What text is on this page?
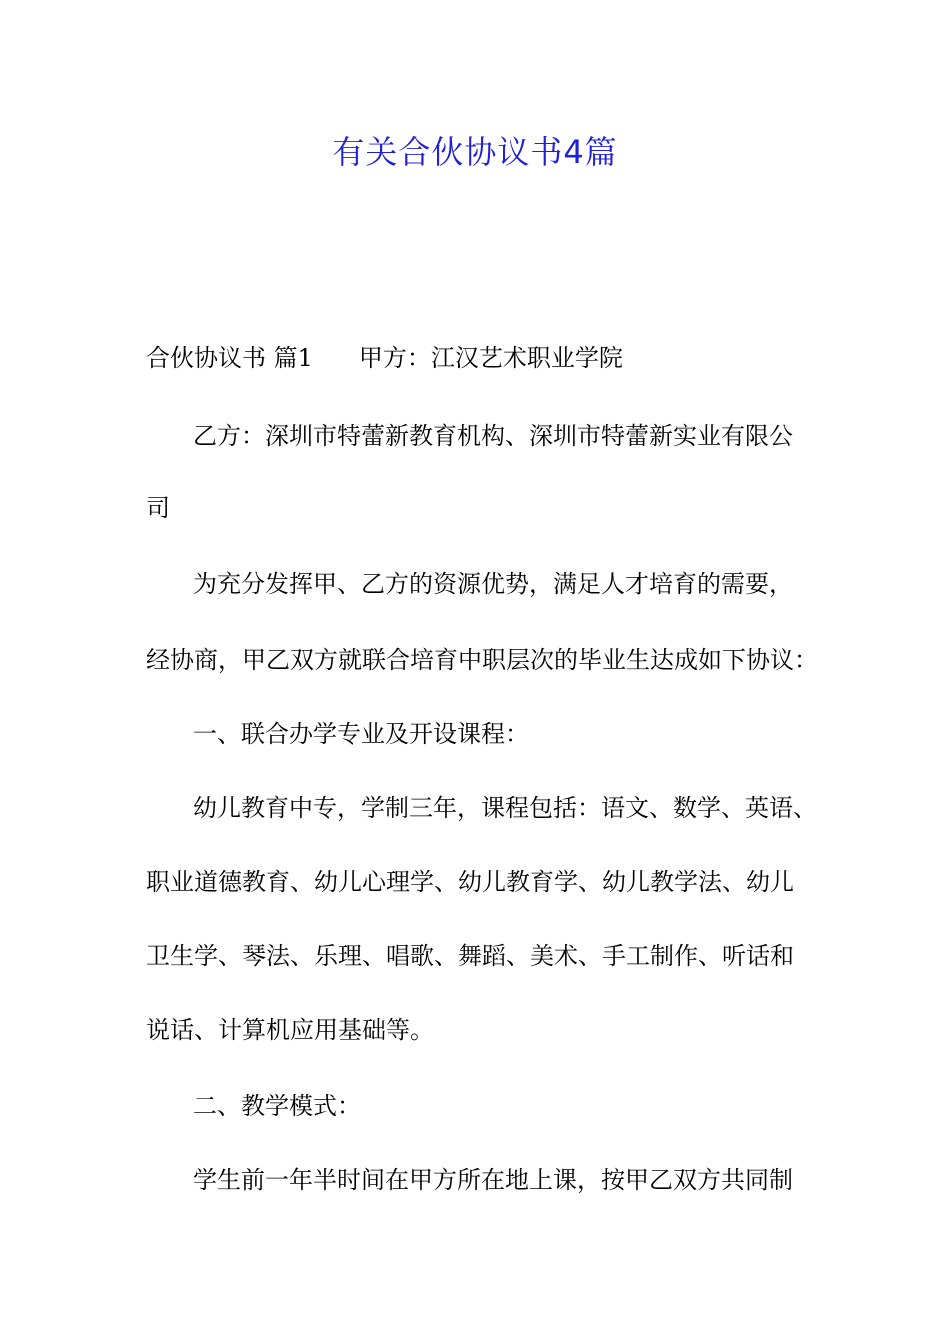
有关合伙协议书4篇
合伙协议书 篇1 甲方：江汉艺术职业学院
乙方：深圳市特蕾新教育机构、深圳市特蕾新实业有限公
司
为充分发挥甲、乙方的资源优势，满足人才培育的需要，
经协商，甲乙双方就联合培育中职层次的毕业生达成如下协议：
一、联合办学专业及开设课程：
幼儿教育中专，学制三年，课程包括：语文、数学、英语、
职业道德教育、幼儿心理学、幼儿教育学、幼儿教学法、幼儿
卫生学、琴法、乐理、唱歌、舞蹈、美术、手工制作、听话和
说话、计算机应用基础等。
二、教学模式：
学生前一年半时间在甲方所在地上课，按甲乙双方共同制
